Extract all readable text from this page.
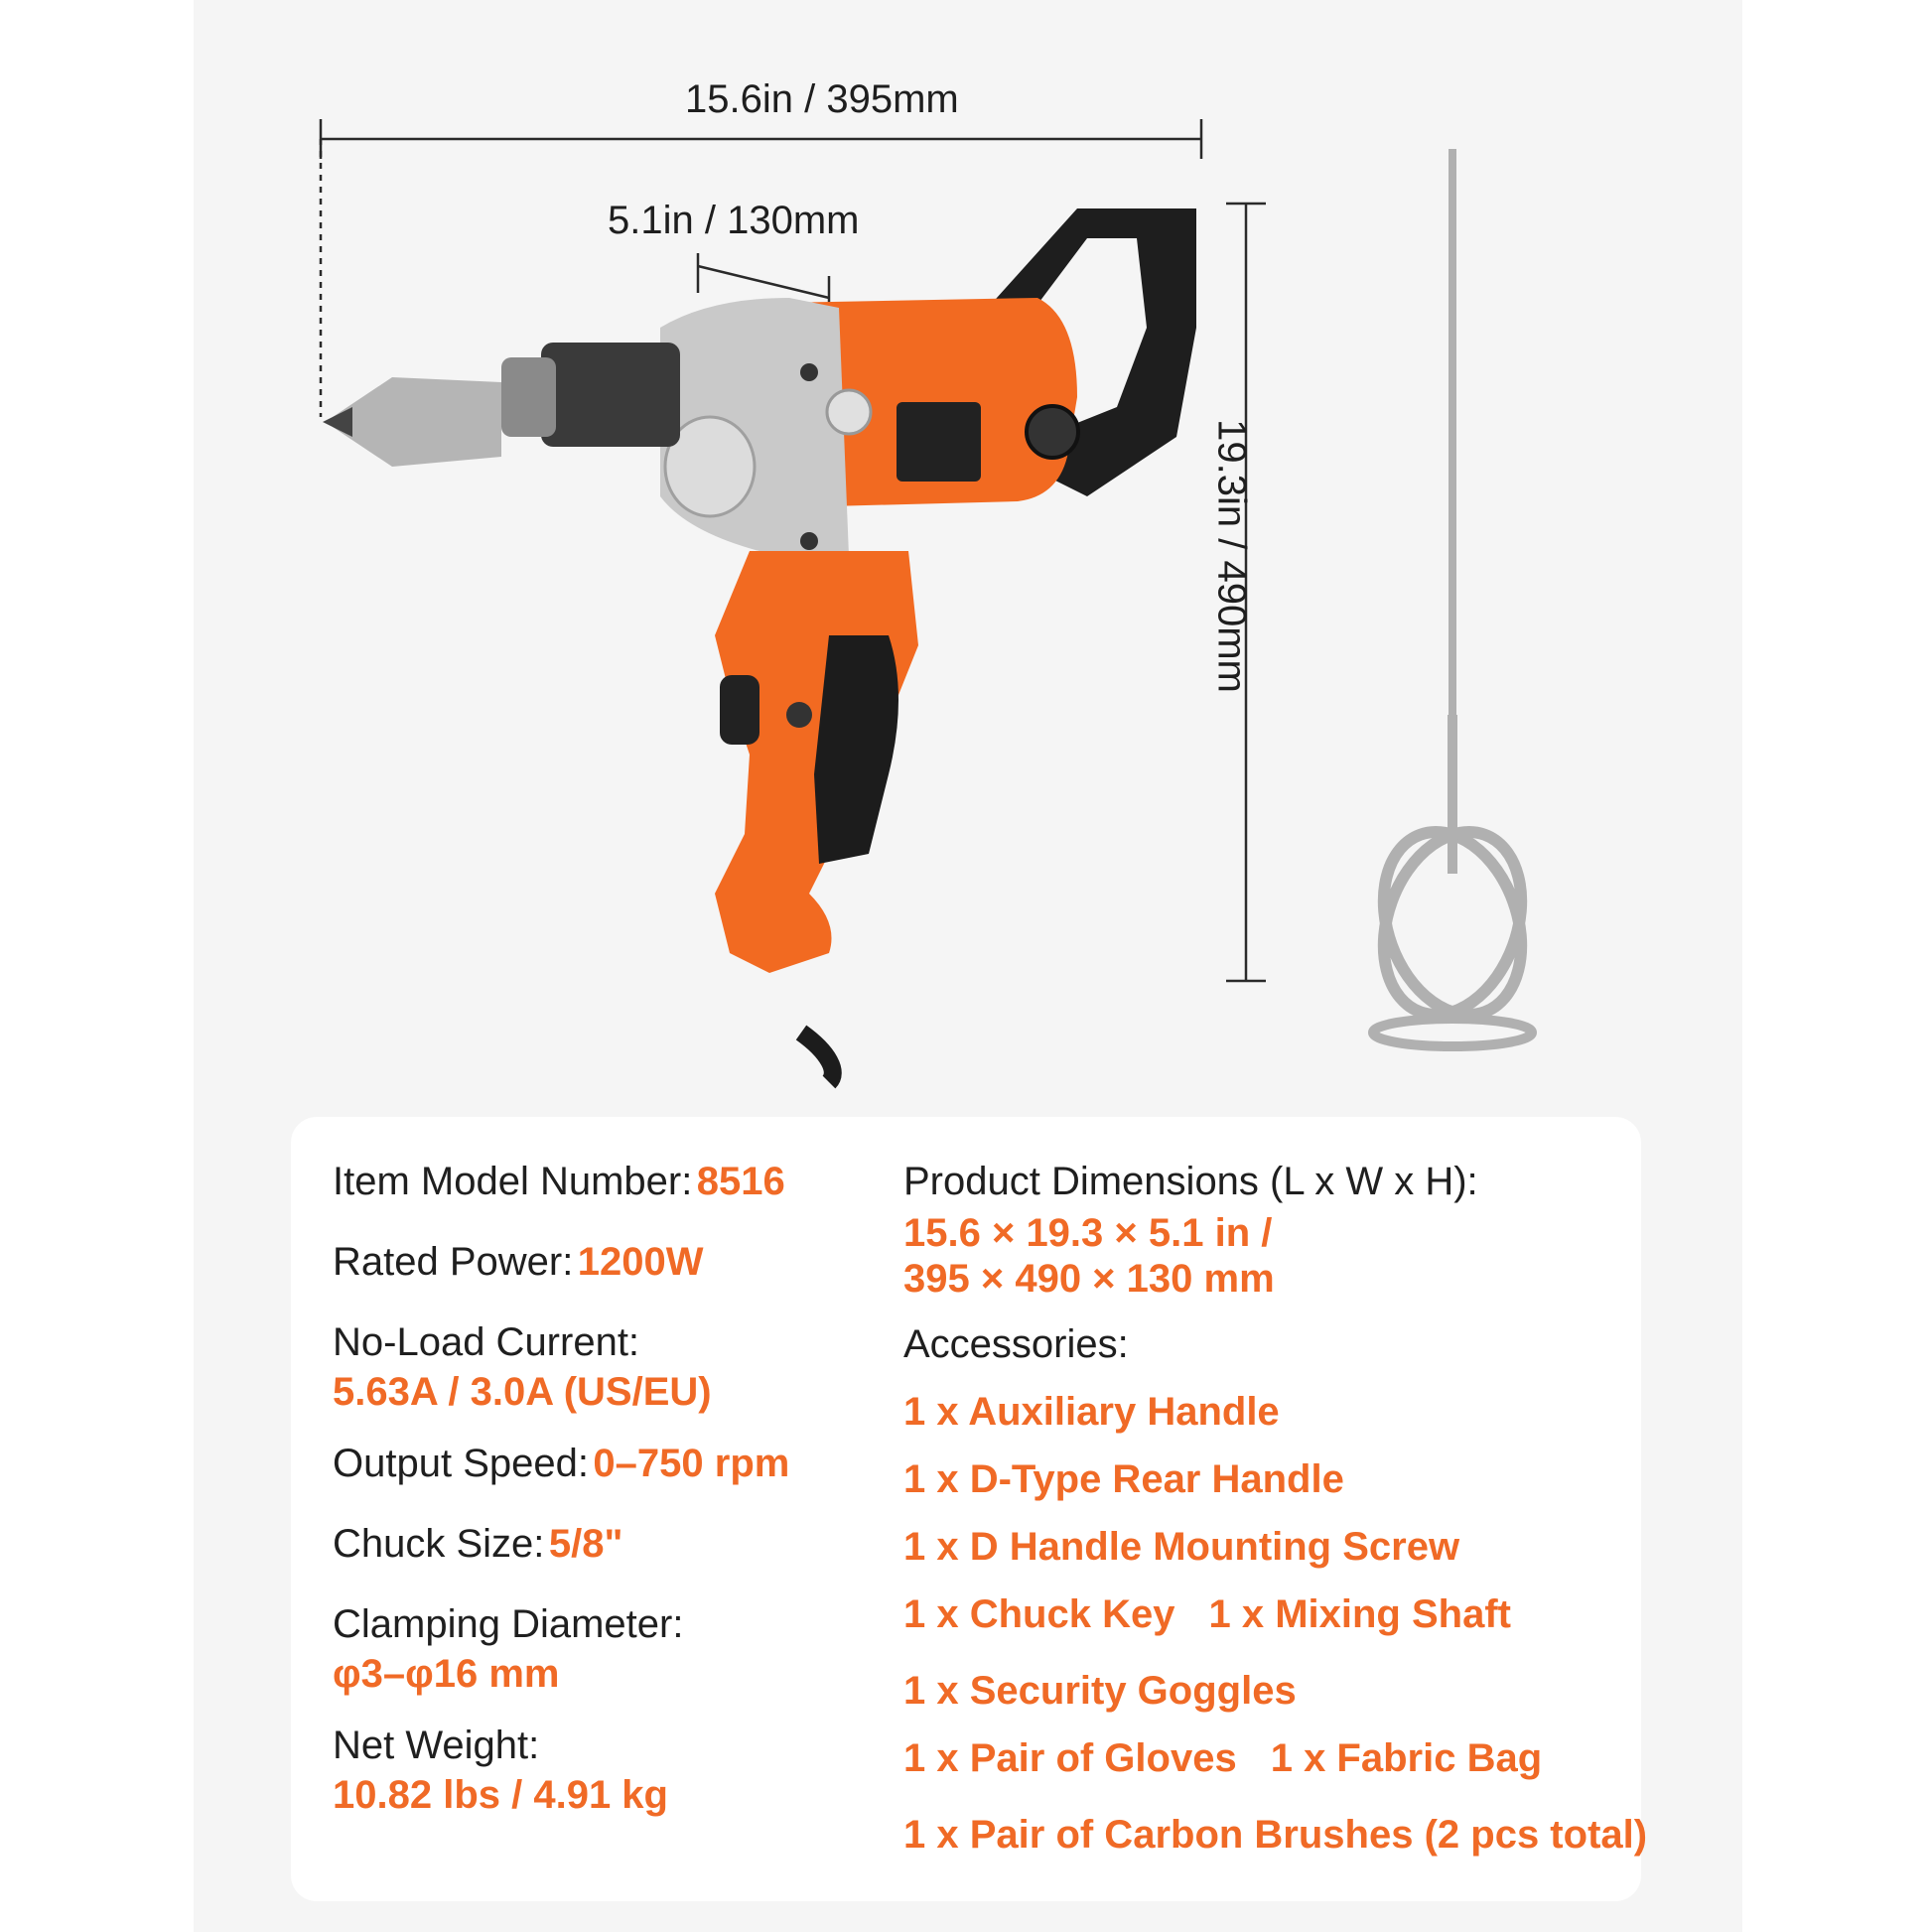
15.6in / 395mm
5.1in / 130mm
19.3in / 490mm
Item Model Number: 8516
Rated Power: 1200W
No-Load Current:
5.63A / 3.0A (US/EU)
Output Speed: 0–750 rpm
Chuck Size: 5/8"
Clamping Diameter:
φ3–φ16 mm
Net Weight:
10.82 lbs / 4.91 kg
Product Dimensions (L x W x H):
15.6 × 19.3 × 5.1 in /
395 × 490 × 130 mm
Accessories:
1 x Auxiliary Handle
1 x D-Type Rear Handle
1 x D Handle Mounting Screw
1 x Chuck Key 1 x Mixing Shaft
1 x Security Goggles
1 x Pair of Gloves 1 x Fabric Bag
1 x Pair of Carbon Brushes (2 pcs total)
